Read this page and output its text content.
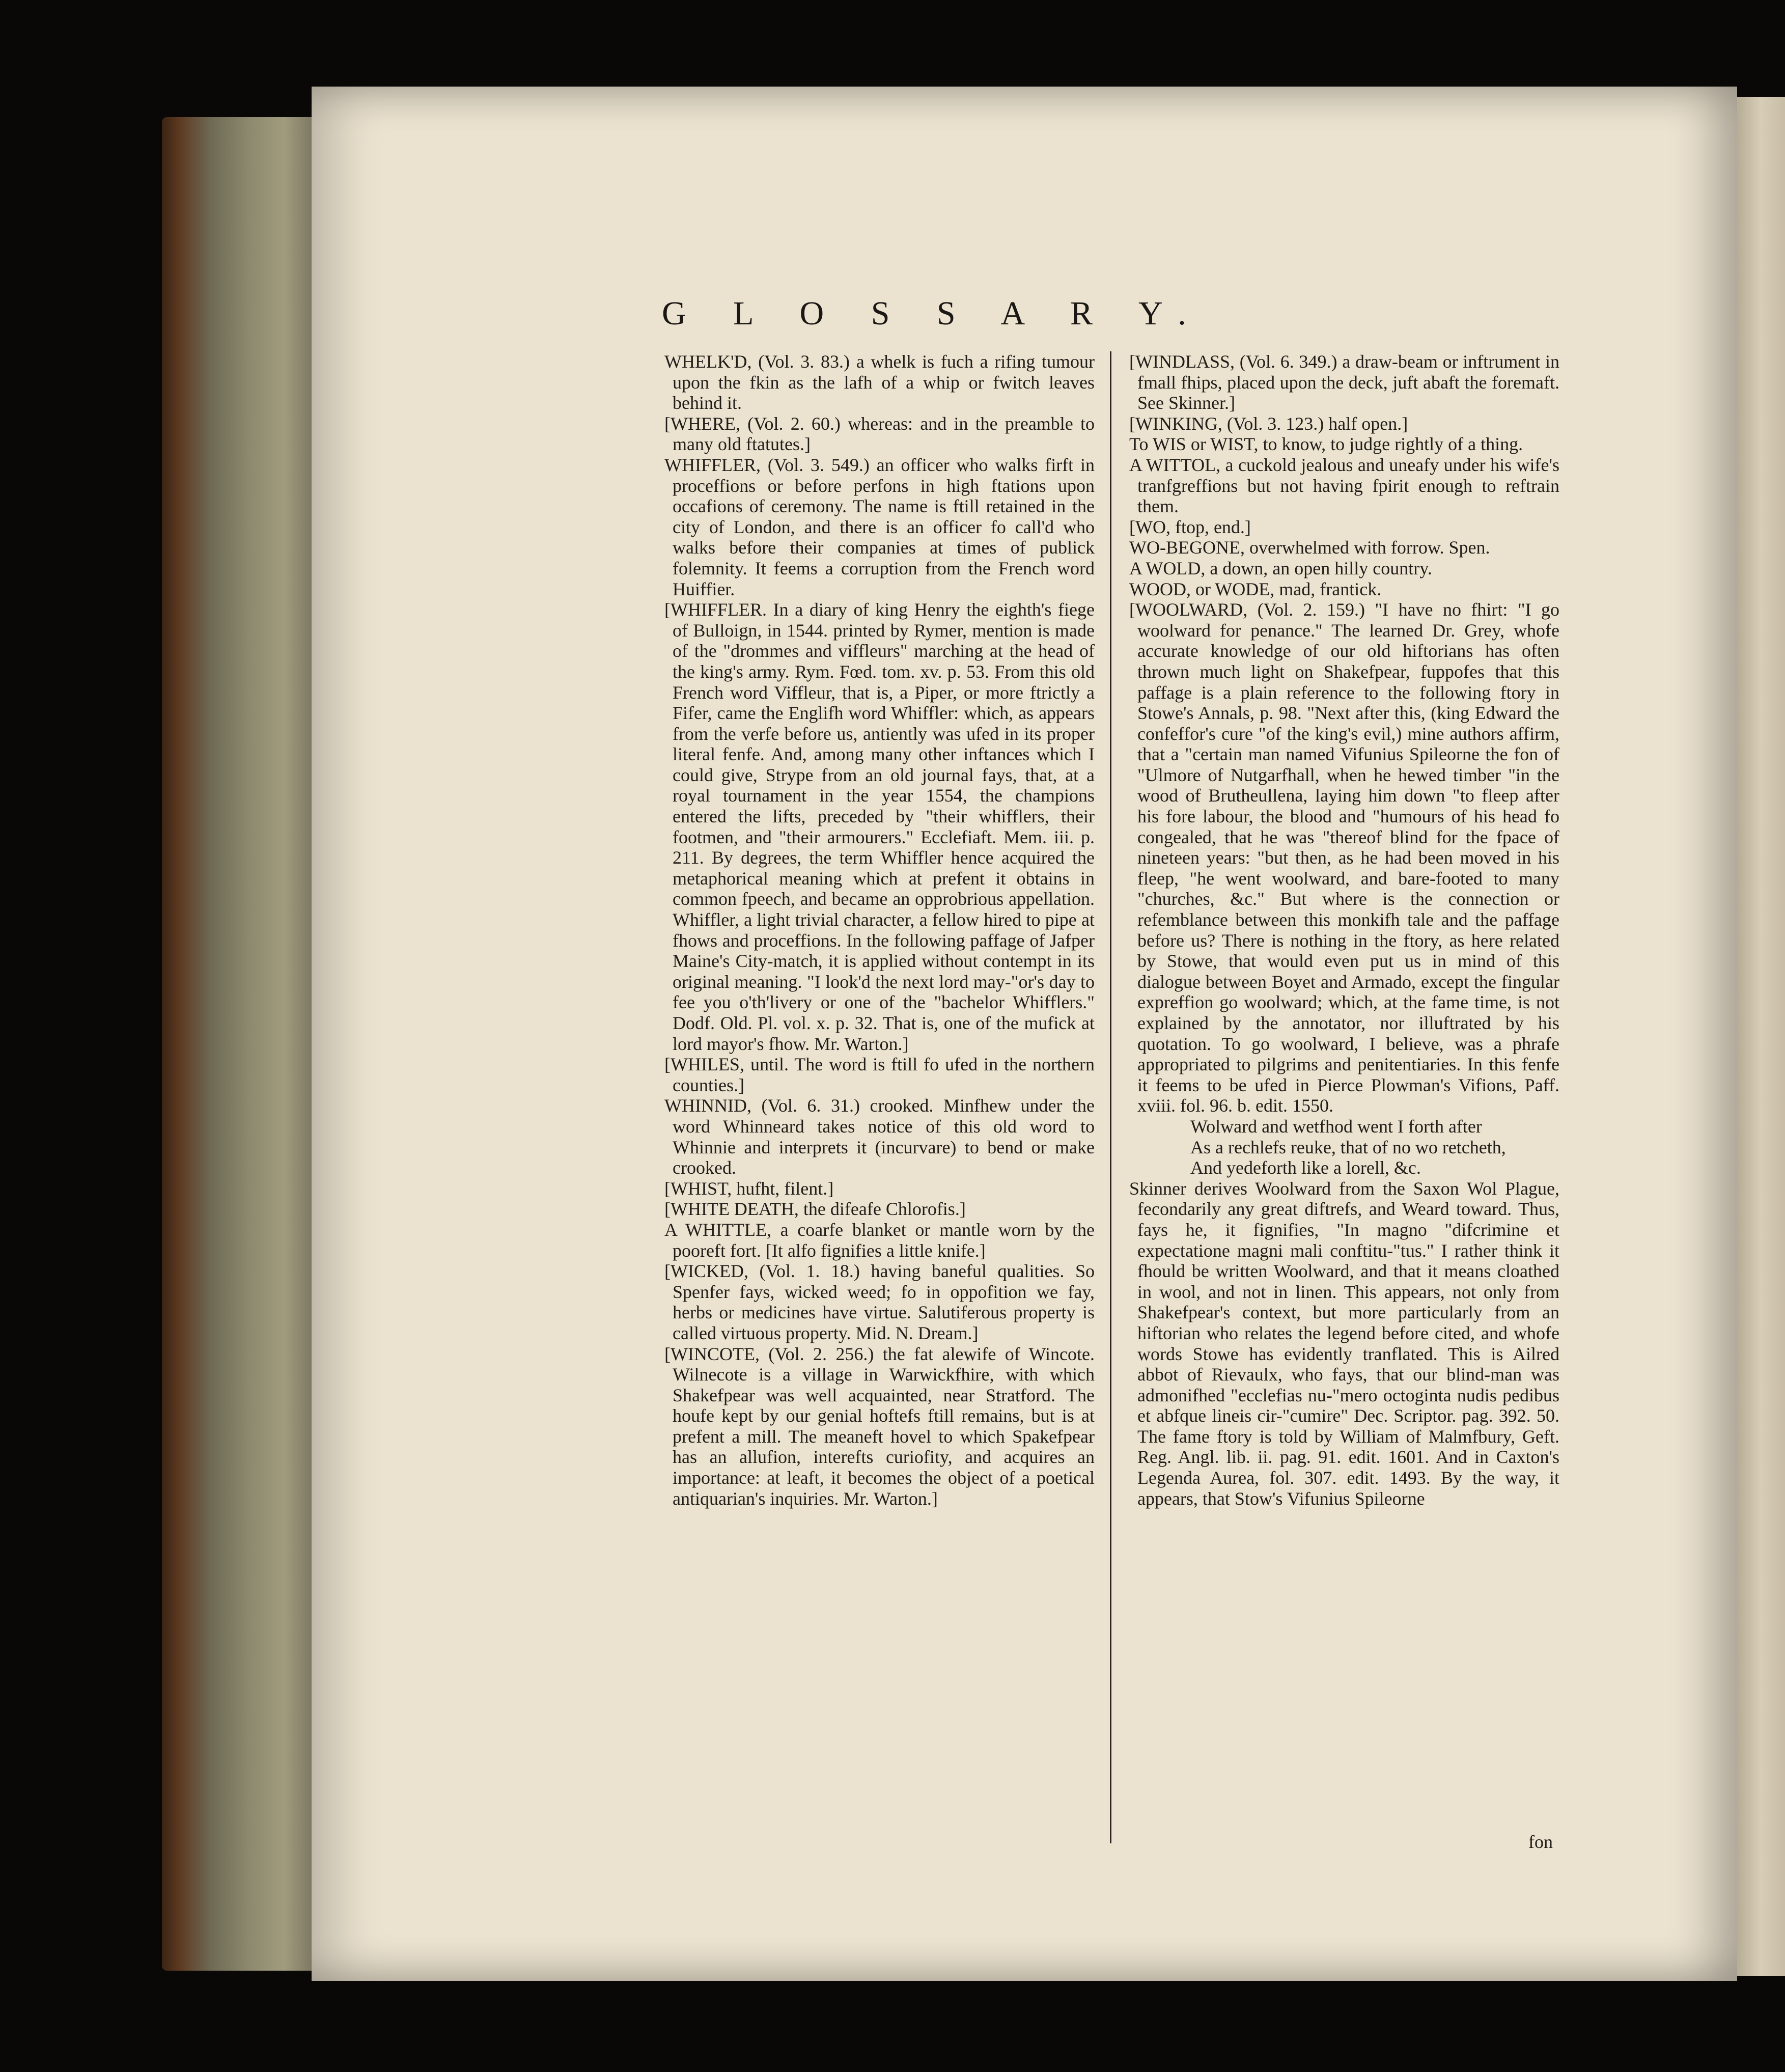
G L O S S A R Y.

WHELK'D, (Vol. 3. 83.) a whelk is fuch a rifing tumour upon the fkin as the lafh of a whip or fwitch leaves behind it.

[WHERE, (Vol. 2. 60.) whereas: and in the preamble to many old ftatutes.]

WHIFFLER, (Vol. 3. 549.) an officer who walks firft in proceffions or before perfons in high ftations upon occafions of ceremony. The name is ftill retained in the city of London, and there is an officer fo call'd who walks before their companies at times of publick folemnity. It feems a corruption from the French word Huiffier.

[WHIFFLER. In a diary of king Henry the eighth's fiege of Bulloign, in 1544. printed by Rymer, mention is made of the "drommes and viffleurs" marching at the head of the king's army. Rym. Fœd. tom. xv. p. 53. From this old French word Viffleur, that is, a Piper, or more ftrictly a Fifer, came the Englifh word Whiffler: which, as appears from the verfe before us, antiently was ufed in its proper literal fenfe. And, among many other inftances which I could give, Strype from an old journal fays, that, at a royal tournament in the year 1554, the champions entered the lifts, preceded by "their whifflers, their footmen, and "their armourers." Ecclefiaft. Mem. iii. p. 211. By degrees, the term Whiffler hence acquired the metaphorical meaning which at prefent it obtains in common fpeech, and became an opprobrious appellation. Whiffler, a light trivial character, a fellow hired to pipe at fhows and proceffions. In the following paffage of Jafper Maine's City-match, it is applied without contempt in its original meaning. "I look'd the next lord may-"or's day to fee you o'th'livery or one of the "bachelor Whifflers." Dodf. Old. Pl. vol. x. p. 32. That is, one of the mufick at lord mayor's fhow. Mr. Warton.]

[WHILES, until. The word is ftill fo ufed in the northern counties.]

WHINNID, (Vol. 6. 31.) crooked. Minfhew under the word Whinneard takes notice of this old word to Whinnie and interprets it (incurvare) to bend or make crooked.

[WHIST, hufht, filent.]

[WHITE DEATH, the difeafe Chlorofis.]

A WHITTLE, a coarfe blanket or mantle worn by the pooreft fort. [It alfo fignifies a little knife.]

[WICKED, (Vol. 1. 18.) having baneful qualities. So Spenfer fays, wicked weed; fo in oppofition we fay, herbs or medicines have virtue. Salutiferous property is called virtuous property. Mid. N. Dream.]

[WINCOTE, (Vol. 2. 256.) the fat alewife of Wincote. Wilnecote is a village in Warwickfhire, with which Shakefpear was well acquainted, near Stratford. The houfe kept by our genial hoftefs ftill remains, but is at prefent a mill. The meaneft hovel to which Spakefpear has an allufion, interefts curiofity, and acquires an importance: at leaft, it becomes the object of a poetical antiquarian's inquiries. Mr. Warton.]

[WINDLASS, (Vol. 6. 349.) a draw-beam or inftrument in fmall fhips, placed upon the deck, juft abaft the foremaft. See Skinner.]

[WINKING, (Vol. 3. 123.) half open.]

To WIS or WIST, to know, to judge rightly of a thing.

A WITTOL, a cuckold jealous and uneafy under his wife's tranfgreffions but not having fpirit enough to reftrain them.

[WO, ftop, end.]

WO-BEGONE, overwhelmed with forrow. Spen.

A WOLD, a down, an open hilly country.

WOOD, or WODE, mad, frantick.

[WOOLWARD, (Vol. 2. 159.) "I have no fhirt: "I go woolward for penance." The learned Dr. Grey, whofe accurate knowledge of our old hiftorians has often thrown much light on Shakefpear, fuppofes that this paffage is a plain reference to the following ftory in Stowe's Annals, p. 98. "Next after this, (king Edward the confeffor's cure "of the king's evil,) mine authors affirm, that a "certain man named Vifunius Spileorne the fon of "Ulmore of Nutgarfhall, when he hewed timber "in the wood of Brutheullena, laying him down "to fleep after his fore labour, the blood and "humours of his head fo congealed, that he was "thereof blind for the fpace of nineteen years: "but then, as he had been moved in his fleep, "he went woolward, and bare-footed to many "churches, &c." But where is the connection or refemblance between this monkifh tale and the paffage before us? There is nothing in the ftory, as here related by Stowe, that would even put us in mind of this dialogue between Boyet and Armado, except the fingular expreffion go woolward; which, at the fame time, is not explained by the annotator, nor illuftrated by his quotation. To go woolward, I believe, was a phrafe appropriated to pilgrims and penitentiaries. In this fenfe it feems to be ufed in Pierce Plowman's Vifions, Paff. xviii. fol. 96. b. edit. 1550.

Wolward and wetfhod went I forth after

As a rechlefs reuke, that of no wo retcheth,

And yedeforth like a lorell, &c.

Skinner derives Woolward from the Saxon Wol Plague, fecondarily any great diftrefs, and Weard toward. Thus, fays he, it fignifies, "In magno "difcrimine et expectatione magni mali conftitu-"tus." I rather think it fhould be written Woolward, and that it means cloathed in wool, and not in linen. This appears, not only from Shakefpear's context, but more particularly from an hiftorian who relates the legend before cited, and whofe words Stowe has evidently tranflated. This is Ailred abbot of Rievaulx, who fays, that our blind-man was admonifhed "ecclefias nu-"mero octoginta nudis pedibus et abfque lineis cir-"cumire" Dec. Scriptor. pag. 392. 50. The fame ftory is told by William of Malmfbury, Geft. Reg. Angl. lib. ii. pag. 91. edit. 1601. And in Caxton's Legenda Aurea, fol. 307. edit. 1493. By the way, it appears, that Stow's Vifunius Spileorne

fon
